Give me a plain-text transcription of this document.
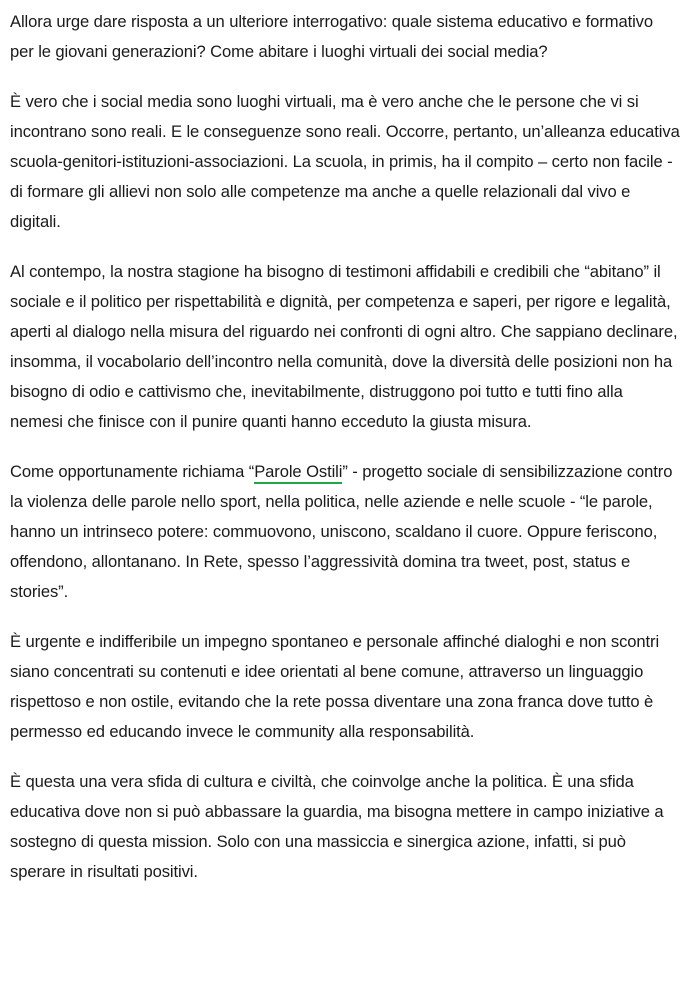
Allora urge dare risposta a un ulteriore interrogativo: quale sistema educativo e formativo per le giovani generazioni? Come abitare i luoghi virtuali dei social media?

È vero che i social media sono luoghi virtuali, ma è vero anche che le persone che vi si incontrano sono reali. E le conseguenze sono reali. Occorre, pertanto, un’alleanza educativa scuola-genitori-istituzioni-associazioni. La scuola, in primis, ha il compito – certo non facile - di formare gli allievi non solo alle competenze ma anche a quelle relazionali dal vivo e digitali.

Al contempo, la nostra stagione ha bisogno di testimoni affidabili e credibili che “abitano” il sociale e il politico per rispettabilità e dignità, per competenza e saperi, per rigore e legalità, aperti al dialogo nella misura del riguardo nei confronti di ogni altro. Che sappiano declinare, insomma, il vocabolario dell’incontro nella comunità, dove la diversità delle posizioni non ha bisogno di odio e cattivismo che, inevitabilmente, distruggono poi tutto e tutti fino alla nemesi che finisce con il punire quanti hanno ecceduto la giusta misura.

Come opportunamente richiama “Parole Ostili” - progetto sociale di sensibilizzazione contro la violenza delle parole nello sport, nella politica, nelle aziende e nelle scuole - “le parole, hanno un intrinseco potere: commuovono, uniscono, scaldano il cuore. Oppure feriscono, offendono, allontanano. In Rete, spesso l’aggressività domina tra tweet, post, status e stories”.

È urgente e indifferibile un impegno spontaneo e personale affinché dialoghi e non scontri siano concentrati su contenuti e idee orientati al bene comune, attraverso un linguaggio rispettoso e non ostile, evitando che la rete possa diventare una zona franca dove tutto è permesso ed educando invece le community alla responsabilità.

È questa una vera sfida di cultura e civiltà, che coinvolge anche la politica. È una sfida educativa dove non si può abbassare la guardia, ma bisogna mettere in campo iniziative a sostegno di questa mission. Solo con una massiccia e sinergica azione, infatti, si può sperare in risultati positivi.
